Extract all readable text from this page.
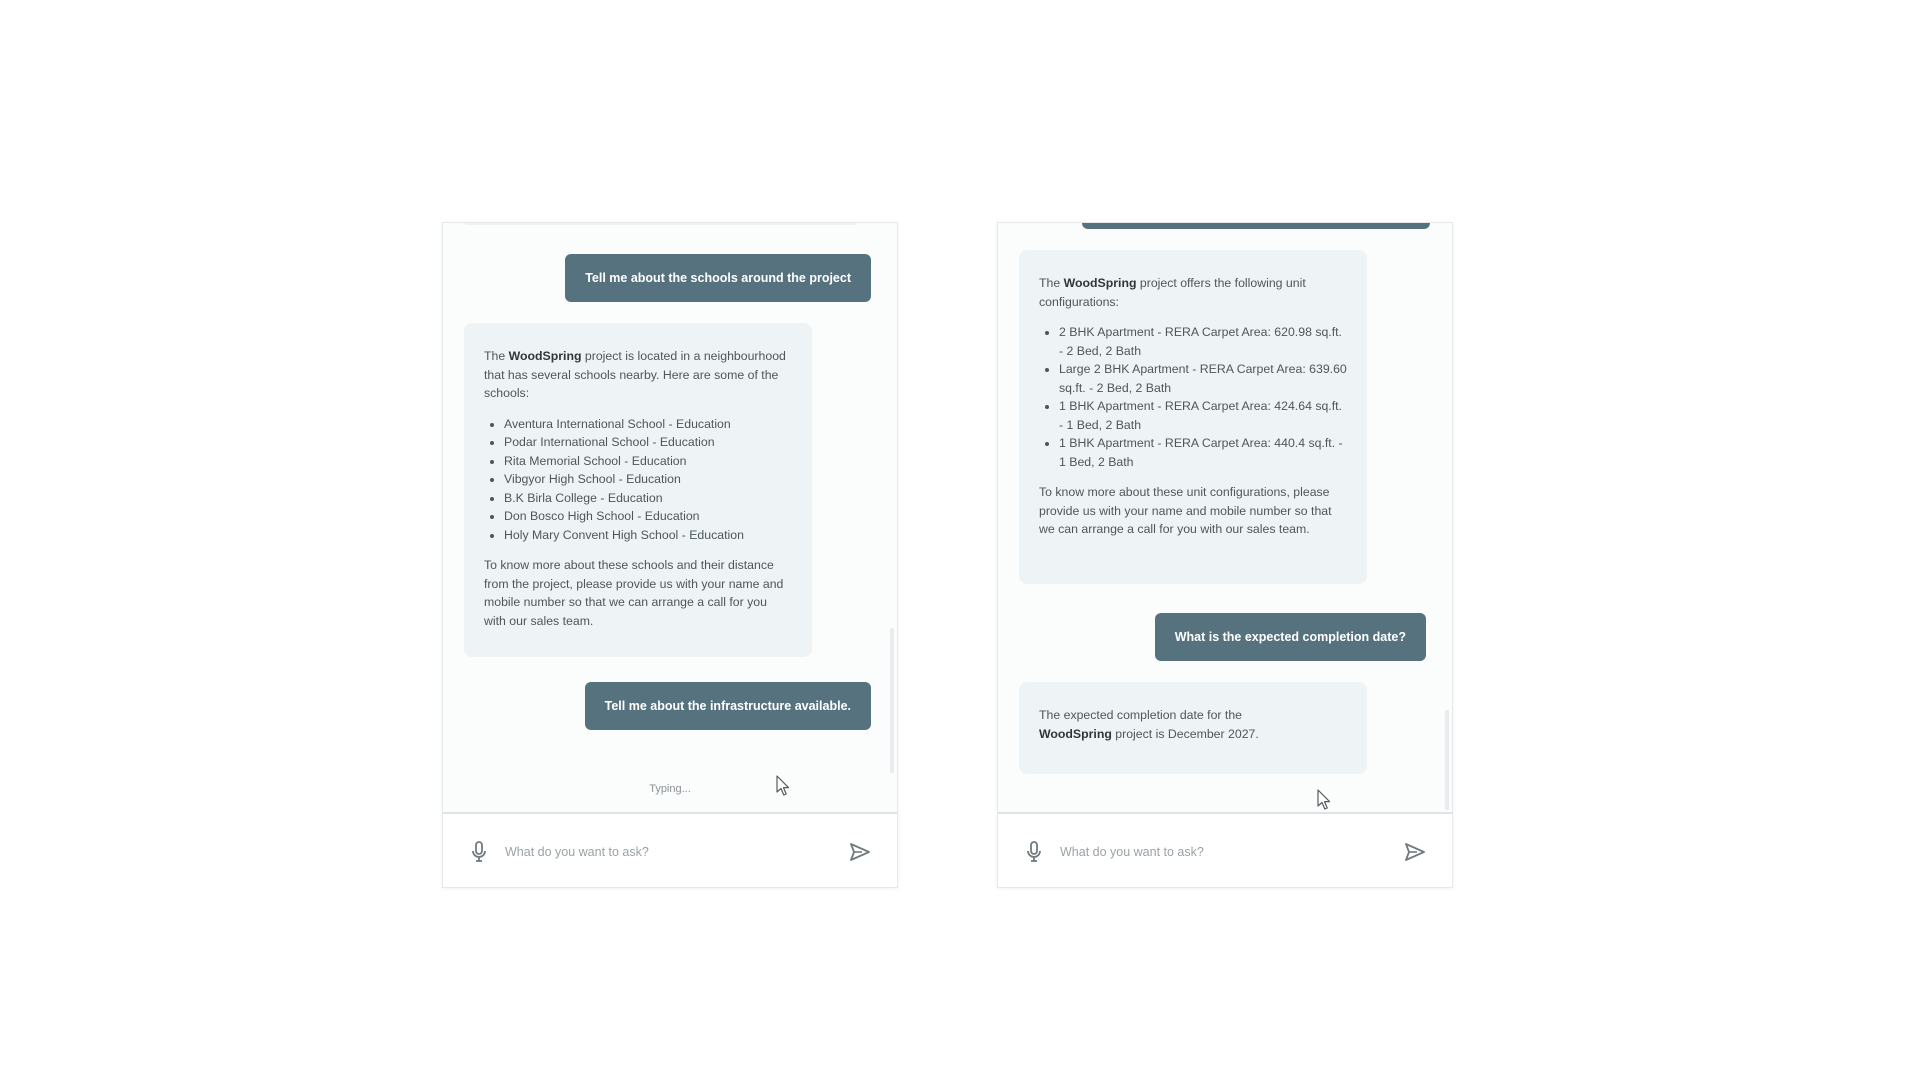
Tell me about the schools around the project

The WoodSpring project is located in a neighbourhood that has several schools nearby. Here are some of the schools:

• Aventura International School - Education
• Podar International School - Education
• Rita Memorial School - Education
• Vibgyor High School - Education
• B.K Birla College - Education
• Don Bosco High School - Education
• Holy Mary Convent High School - Education

To know more about these schools and their distance from the project, please provide us with your name and mobile number so that we can arrange a call for you with our sales team.

Tell me about the infrastructure available.
Typing...
What do you want to ask?

The WoodSpring project offers the following unit configurations:

• 2 BHK Apartment - RERA Carpet Area: 620.98 sq.ft. - 2 Bed, 2 Bath
• Large 2 BHK Apartment - RERA Carpet Area: 639.60 sq.ft. - 2 Bed, 2 Bath
• 1 BHK Apartment - RERA Carpet Area: 424.64 sq.ft. - 1 Bed, 2 Bath
• 1 BHK Apartment - RERA Carpet Area: 440.4 sq.ft. - 1 Bed, 2 Bath

To know more about these unit configurations, please provide us with your name and mobile number so that we can arrange a call for you with our sales team.

What is the expected completion date?

The expected completion date for the
WoodSpring project is December 2027.

What do you want to ask?
